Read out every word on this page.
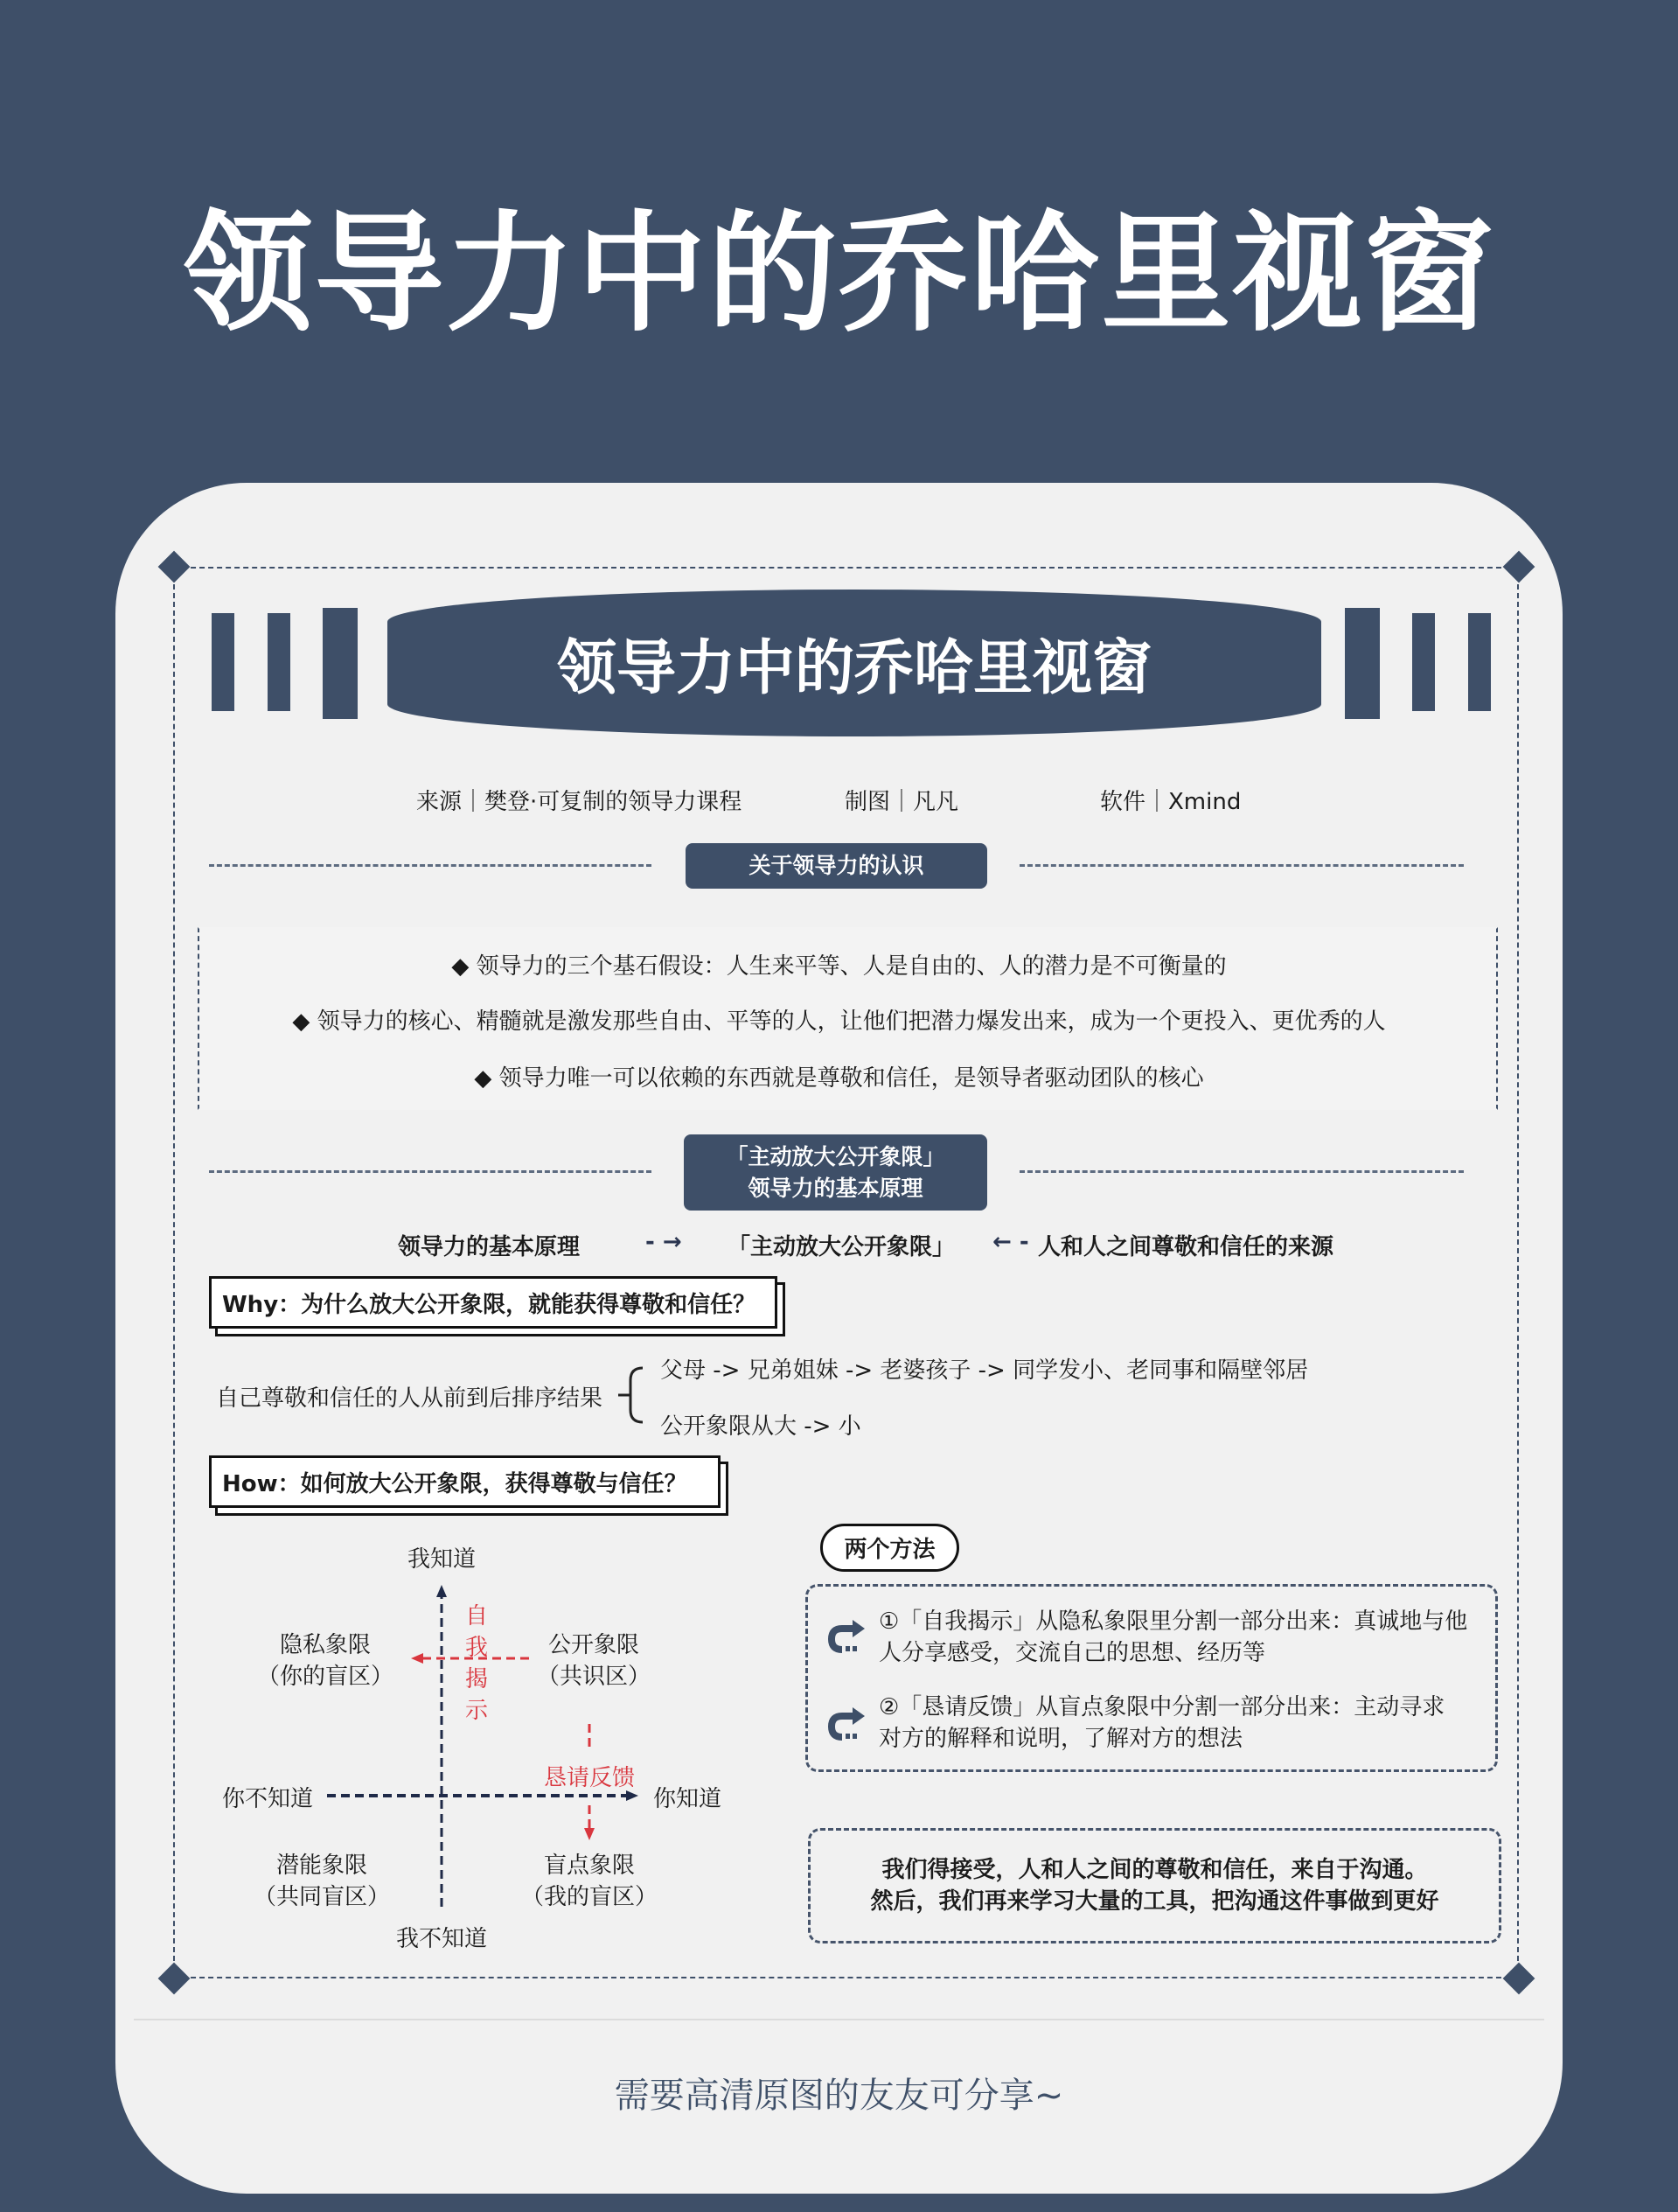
领导力中的乔哈里视窗
领导力中的乔哈里视窗
来源｜樊登·可复制的领导力课程	制图｜凡凡	软件｜Xmind
关于领导力的认识
◆ 领导力的三个基石假设：人生来平等、人是自由的、人的潜力是不可衡量的
◆ 领导力的核心、精髓就是激发那些自由、平等的人，让他们把潜力爆发出来，成为一个更投入、更优秀的人
◆ 领导力唯一可以依赖的东西就是尊敬和信任，是领导者驱动团队的核心
「主动放大公开象限」
领导力的基本原理
领导力的基本原理	- → 「主动放大公开象限」 ← - 人和人之间尊敬和信任的来源
Why：为什么放大公开象限，就能获得尊敬和信任？
自己尊敬和信任的人从前到后排序结果
父母 -> 兄弟姐妹 -> 老婆孩子 -> 同学发小、老同事和隔壁邻居
公开象限从大 -> 小
How：如何放大公开象限，获得尊敬与信任？
我知道
我不知道
你不知道	你知道
隐私象限
（你的盲区）
公开象限
（共识区）
潜能象限
（共同盲区）
盲点象限
（我的盲区）
自
我
揭
示
恳请反馈
两个方法
①「自我揭示」从隐私象限里分割一部分出来：真诚地与他
人分享感受，交流自己的思想、经历等
②「恳请反馈」从盲点象限中分割一部分出来：主动寻求
对方的解释和说明，了解对方的想法
我们得接受，人和人之间的尊敬和信任，来自于沟通。
然后，我们再来学习大量的工具，把沟通这件事做到更好
需要高清原图的友友可分享~
